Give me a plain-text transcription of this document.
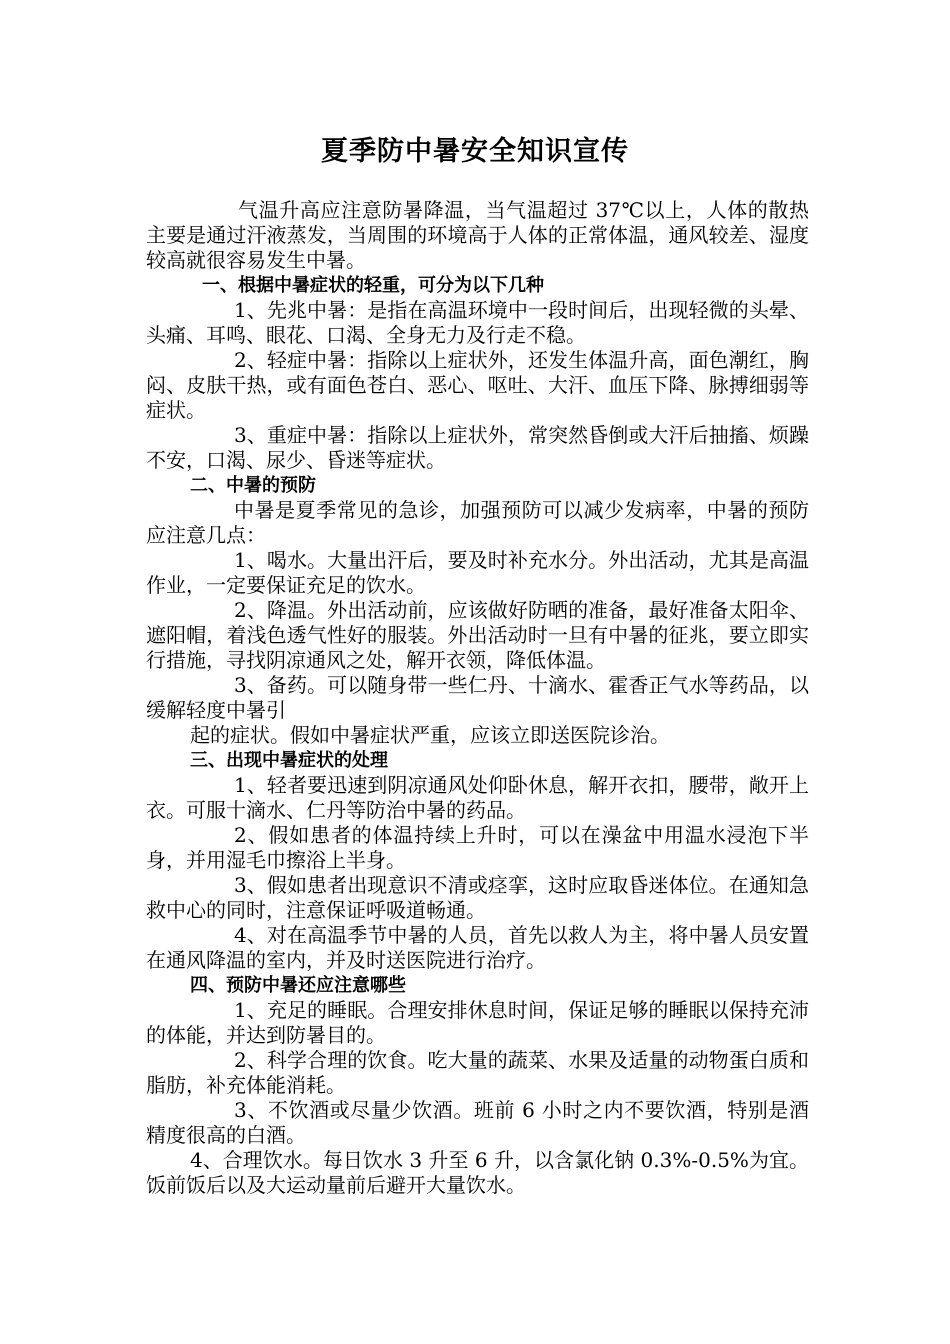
夏季防中暑安全知识宣传

气温升高应注意防暑降温，当气温超过 37℃以上，人体的散热主要是通过汗液蒸发，当周围的环境高于人体的正常体温，通风较差、湿度较高就很容易发生中暑。

一、根据中暑症状的轻重，可分为以下几种

1、先兆中暑：是指在高温环境中一段时间后，出现轻微的头晕、头痛、耳鸣、眼花、口渴、全身无力及行走不稳。

2、轻症中暑：指除以上症状外，还发生体温升高，面色潮红，胸闷、皮肤干热，或有面色苍白、恶心、呕吐、大汗、血压下降、脉搏细弱等症状。

3、重症中暑：指除以上症状外，常突然昏倒或大汗后抽搐、烦躁不安，口渴、尿少、昏迷等症状。

二、中暑的预防

中暑是夏季常见的急诊，加强预防可以减少发病率，中暑的预防应注意几点：

1、喝水。大量出汗后，要及时补充水分。外出活动，尤其是高温作业，一定要保证充足的饮水。

2、降温。外出活动前，应该做好防晒的准备，最好准备太阳伞、遮阳帽，着浅色透气性好的服装。外出活动时一旦有中暑的征兆，要立即实行措施，寻找阴凉通风之处，解开衣领，降低体温。

3、备药。可以随身带一些仁丹、十滴水、霍香正气水等药品，以缓解轻度中暑引

起的症状。假如中暑症状严重，应该立即送医院诊治。

三、出现中暑症状的处理

1、轻者要迅速到阴凉通风处仰卧休息，解开衣扣，腰带，敞开上衣。可服十滴水、仁丹等防治中暑的药品。

2、假如患者的体温持续上升时，可以在澡盆中用温水浸泡下半身，并用湿毛巾擦浴上半身。

3、假如患者出现意识不清或痉挛，这时应取昏迷体位。在通知急救中心的同时，注意保证呼吸道畅通。

4、对在高温季节中暑的人员，首先以救人为主，将中暑人员安置在通风降温的室内，并及时送医院进行治疗。

四、预防中暑还应注意哪些

1、充足的睡眠。合理安排休息时间，保证足够的睡眠以保持充沛的体能，并达到防暑目的。

2、科学合理的饮食。吃大量的蔬菜、水果及适量的动物蛋白质和脂肪，补充体能消耗。

3、不饮酒或尽量少饮酒。班前 6 小时之内不要饮酒，特别是酒精度很高的白酒。

4、合理饮水。每日饮水 3 升至 6 升，以含氯化钠 0.3%-0.5%为宜。饭前饭后以及大运动量前后避开大量饮水。
